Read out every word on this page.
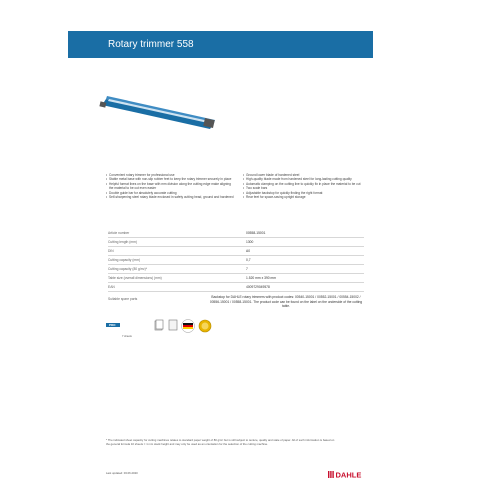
Rotary trimmer 558
• Convenient rotary trimmer for professional use
• Stable metal base with non-slip rubber feet to keep the rotary trimmer securely in place
• Helpful format lines on the base with mm division along the cutting edge make aligning the material to be cut even easier
• Double guide bar for absolutely accurate cutting
• Self-sharpening steel rotary blade enclosed in safety cutting head, ground and hardened
• Ground lower blade of hardened steel
• High-quality blade made from hardened steel for long-lasting cutting quality
• Automatic clamping on the cutting line to quickly fix in place the material to be cut
• Two scale bars
• Adjustable backstop for quickly finding the right format
• Rear feet for space-saving upright storage
Article number	00558-15001
Cutting length (mm)	1300
DIN	A0
Cutting capacity (mm)	0,7
Cutting capacity (80 g/m²)*	7
Table size (overall dimensions) (mm)	1.520 mm x 390 mm
EAN	4009729049578
Suitable spare parts	Backstop for DAHLE rotary trimmers with product codes: 00540-15001 / 00552-15001 / 00554-15002 / 00556-15001 / 00558-15001. The product code can be found on the label on the underside of the cutting table.
PRO
7 sheets
* The indicated sheet capacity for cutting machines relates to standard paper weight of 80 g/m² but is still subject to texture, quality and state of paper. All of such information is based on the general formula 10 sheets = 1 mm stack height and may only be used as an orientation for the selection of the cutting machine.
Last updated: 03.06.2020	DAHLE
